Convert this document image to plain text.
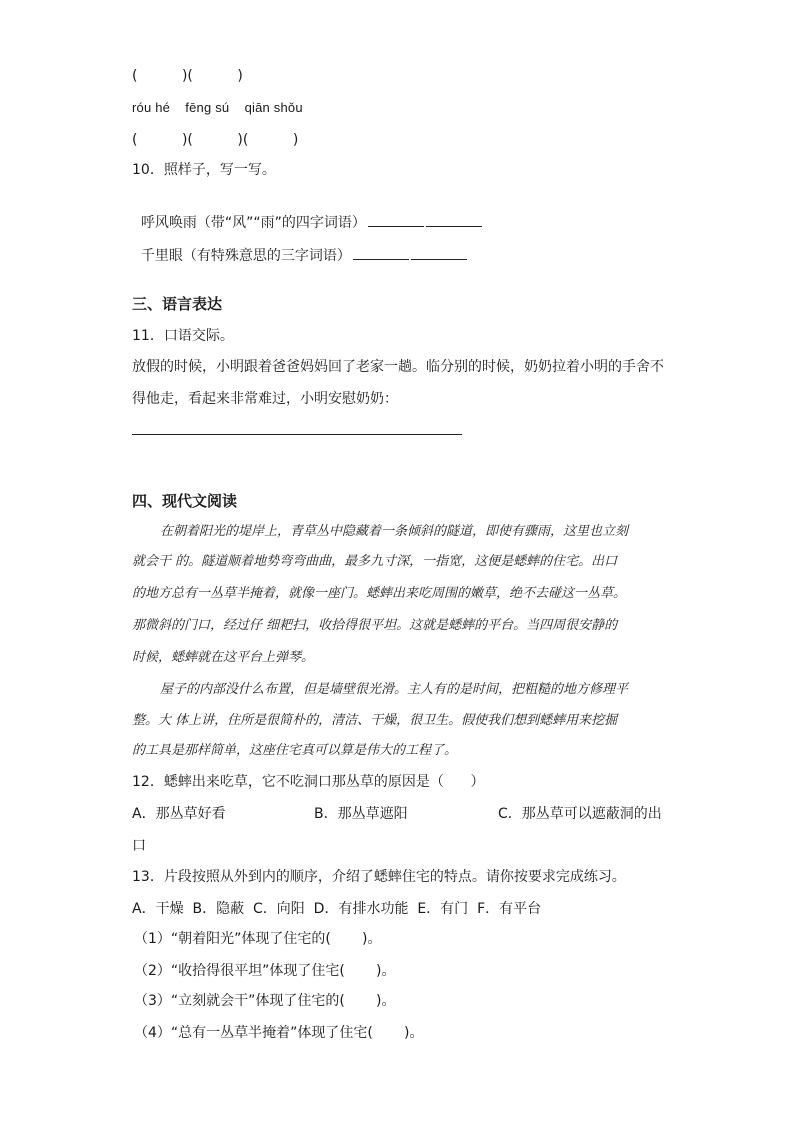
(          )(          )
róu hé    fēng sú    qiān shǒu
(          )(          )(          )
10．照样子，写一写。

呼风唤雨（带“风”“雨”的四字词语）

千里眼（有特殊意思的三字词语）

三、语言表达
11．口语交际。
放假的时候，小明跟着爸爸妈妈回了老家一趟。临分别的时候，奶奶拉着小明的手舍不
得他走，看起来非常难过，小明安慰奶奶：
四、现代文阅读
在朝着阳光的堤岸上，青草丛中隐藏着一条倾斜的隧道，即使有骤雨，这里也立刻
就会干 的。隧道顺着地势弯弯曲曲，最多九寸深，一指宽，这便是蟋蟀的住宅。出口
的地方总有一丛草半掩着，就像一座门。蟋蟀出来吃周围的嫩草，绝不去碰这一丛草。
那微斜的门口，经过仔 细耙扫，收拾得很平坦。这就是蟋蟀的平台。当四周很安静的
时候，蟋蟀就在这平台上弹琴。
屋子的内部没什么布置，但是墙壁很光滑。主人有的是时间，把粗糙的地方修理平
整。大 体上讲，住所是很简朴的，清洁、干燥，很卫生。假使我们想到蟋蟀用来挖掘
的工具是那样简单，这座住宅真可以算是伟大的工程了。
12．蟋蟀出来吃草，它不吃洞口那丛草的原因是（      ）
A．那丛草好看	B．那丛草遮阳	C．那丛草可以遮蔽洞的出
口
13．片段按照从外到内的顺序，介绍了蟋蟀住宅的特点。请你按要求完成练习。
A．干燥  B．隐蔽  C．向阳  D．有排水功能  E．有门  F．有平台
（1）“朝着阳光”体现了住宅的(       )。
（2）“收拾得很平坦”体现了住宅(       )。
（3）“立刻就会干”体现了住宅的(       )。
（4）“总有一丛草半掩着”体现了住宅(       )。
